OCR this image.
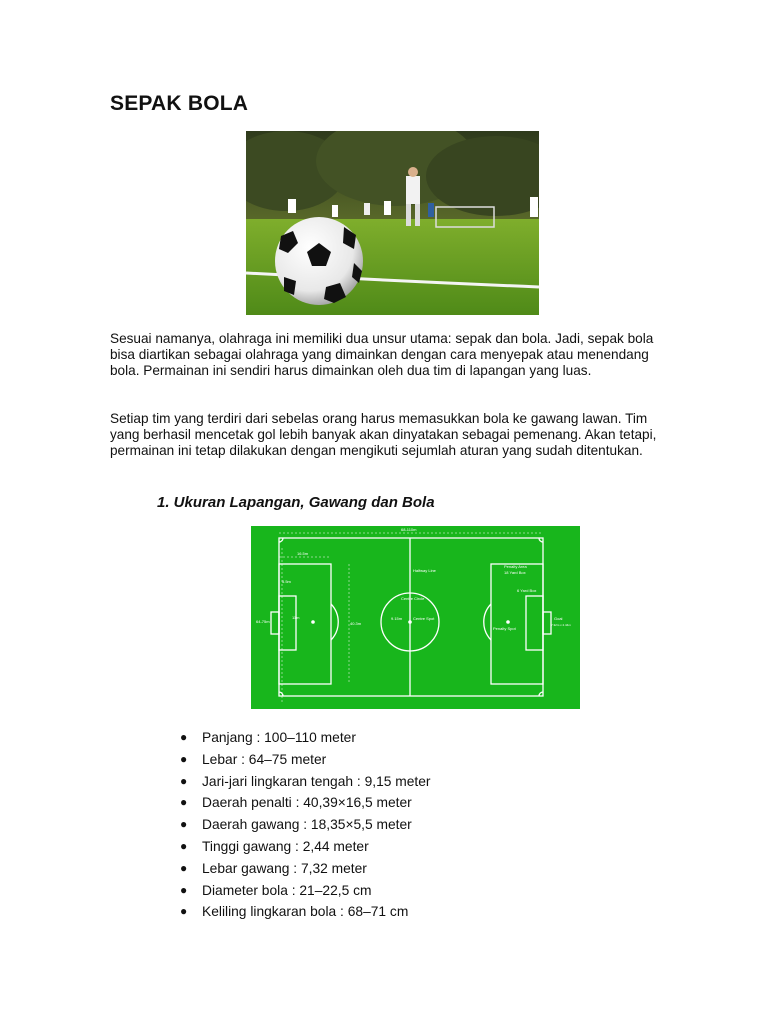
SEPAK BOLA

Sesuai namanya, olahraga ini memiliki dua unsur utama: sepak dan bola. Jadi, sepak bola bisa diartikan sebagai olahraga yang dimainkan dengan cara menyepak atau menendang bola. Permainan ini sendiri harus dimainkan oleh dua tim di lapangan yang luas.

Setiap tim yang terdiri dari sebelas orang harus memasukkan bola ke gawang lawan. Tim yang berhasil mencetak gol lebih banyak akan dinyatakan sebagai pemenang. Akan tetapi, permainan ini tetap dilakukan dengan mengikuti sejumlah aturan yang sudah ditentukan.

1. Ukuran Lapangan, Gawang dan Bola
68-110m
16.5m
5.5m
64-75m	40.3m
11m
Halfway Line
Centre Circle
9.15m	Centre Spot
Penalty Area
18 Yard Box
6 Yard Box
Penalty Spot
Goal
7.32m x 2.44m
● Panjang : 100–110 meter
● Lebar : 64–75 meter
● Jari-jari lingkaran tengah : 9,15 meter
● Daerah penalti : 40,39×16,5 meter
● Daerah gawang : 18,35×5,5 meter
● Tinggi gawang : 2,44 meter
● Lebar gawang : 7,32 meter
● Diameter bola : 21–22,5 cm
● Keliling lingkaran bola : 68–71 cm
